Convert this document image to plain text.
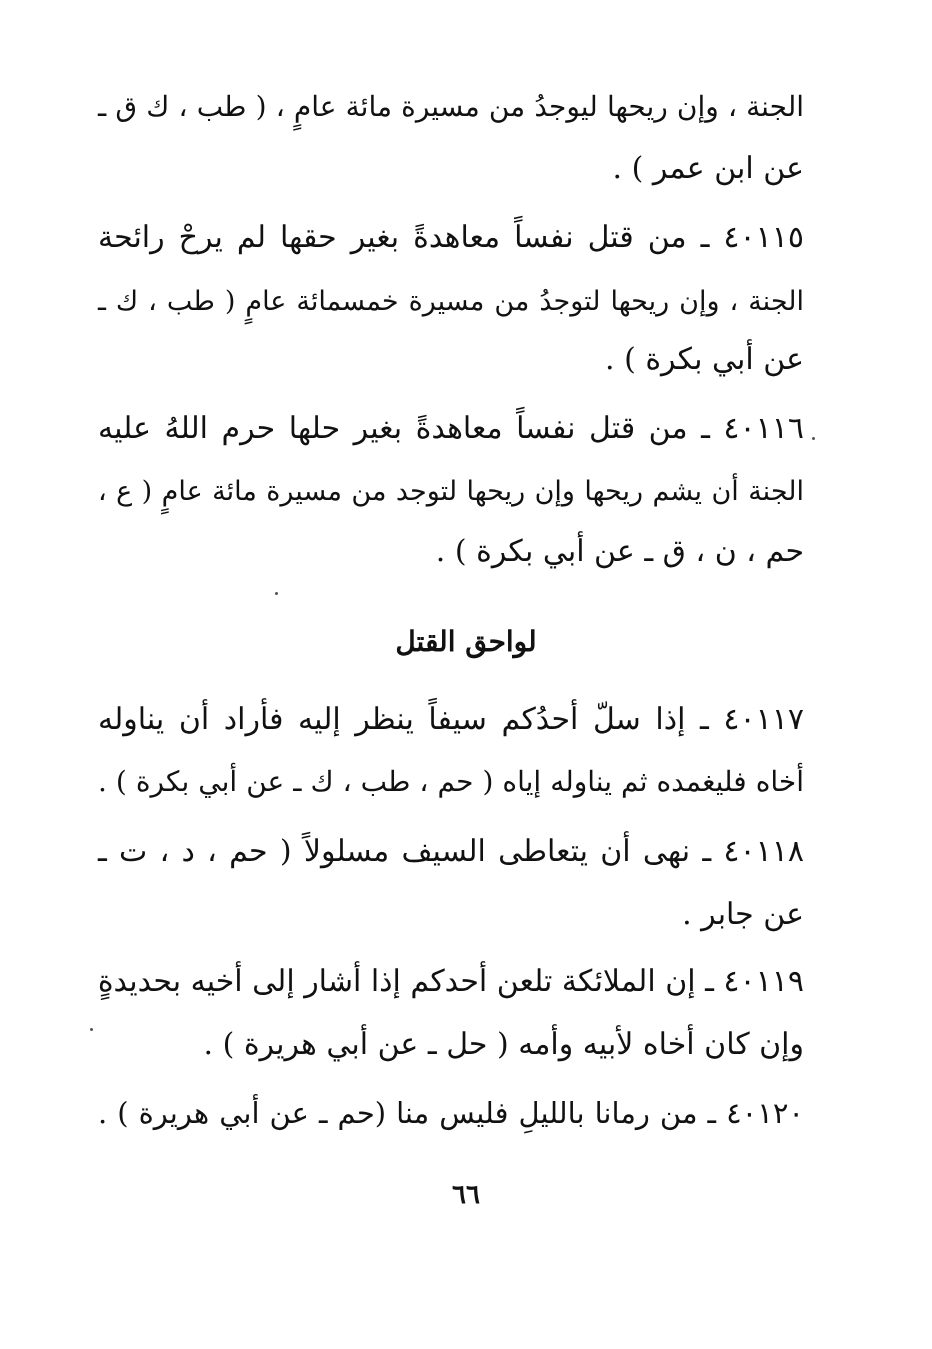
الجنة ، وإن ريحها ليوجدُ من مسيرة مائة عامٍ ، ( طب ، ك ق ـ
عن ابن عمر ) .
٤٠١١٥ ـ من قتل نفساً معاهدةً بغير حقها لم يرحْ رائحة
الجنة ، وإن ريحها لتوجدُ من مسيرة خمسمائة عامٍ ( طب ، ك ـ
عن أبي بكرة ) .
٤٠١١٦ ـ من قتل نفساً معاهدةً بغير حلها حرم اللهُ عليه
الجنة أن يشم ريحها وإن ريحها لتوجد من مسيرة مائة عامٍ ( ع ،
حم ، ن ، ق ـ عن أبي بكرة ) .
لواحق القتل
٤٠١١٧ ـ إذا سلّ أحدُكم سيفاً ينظر إليه فأراد أن يناوله
أخاه فليغمده ثم يناوله إياه ( حم ، طب ، ك ـ عن أبي بكرة ) .
٤٠١١٨ ـ نهى أن يتعاطى السيف مسلولاً ( حم ، د ، ت ـ
عن جابر .
٤٠١١٩ ـ إن الملائكة تلعن أحدكم إذا أشار إلى أخيه بحديدةٍ
وإن كان أخاه لأبيه وأمه ( حل ـ عن أبي هريرة ) .
٤٠١٢٠ ـ من رمانا بالليلِ فليس منا (حم ـ عن أبي هريرة ) .
٦٦
